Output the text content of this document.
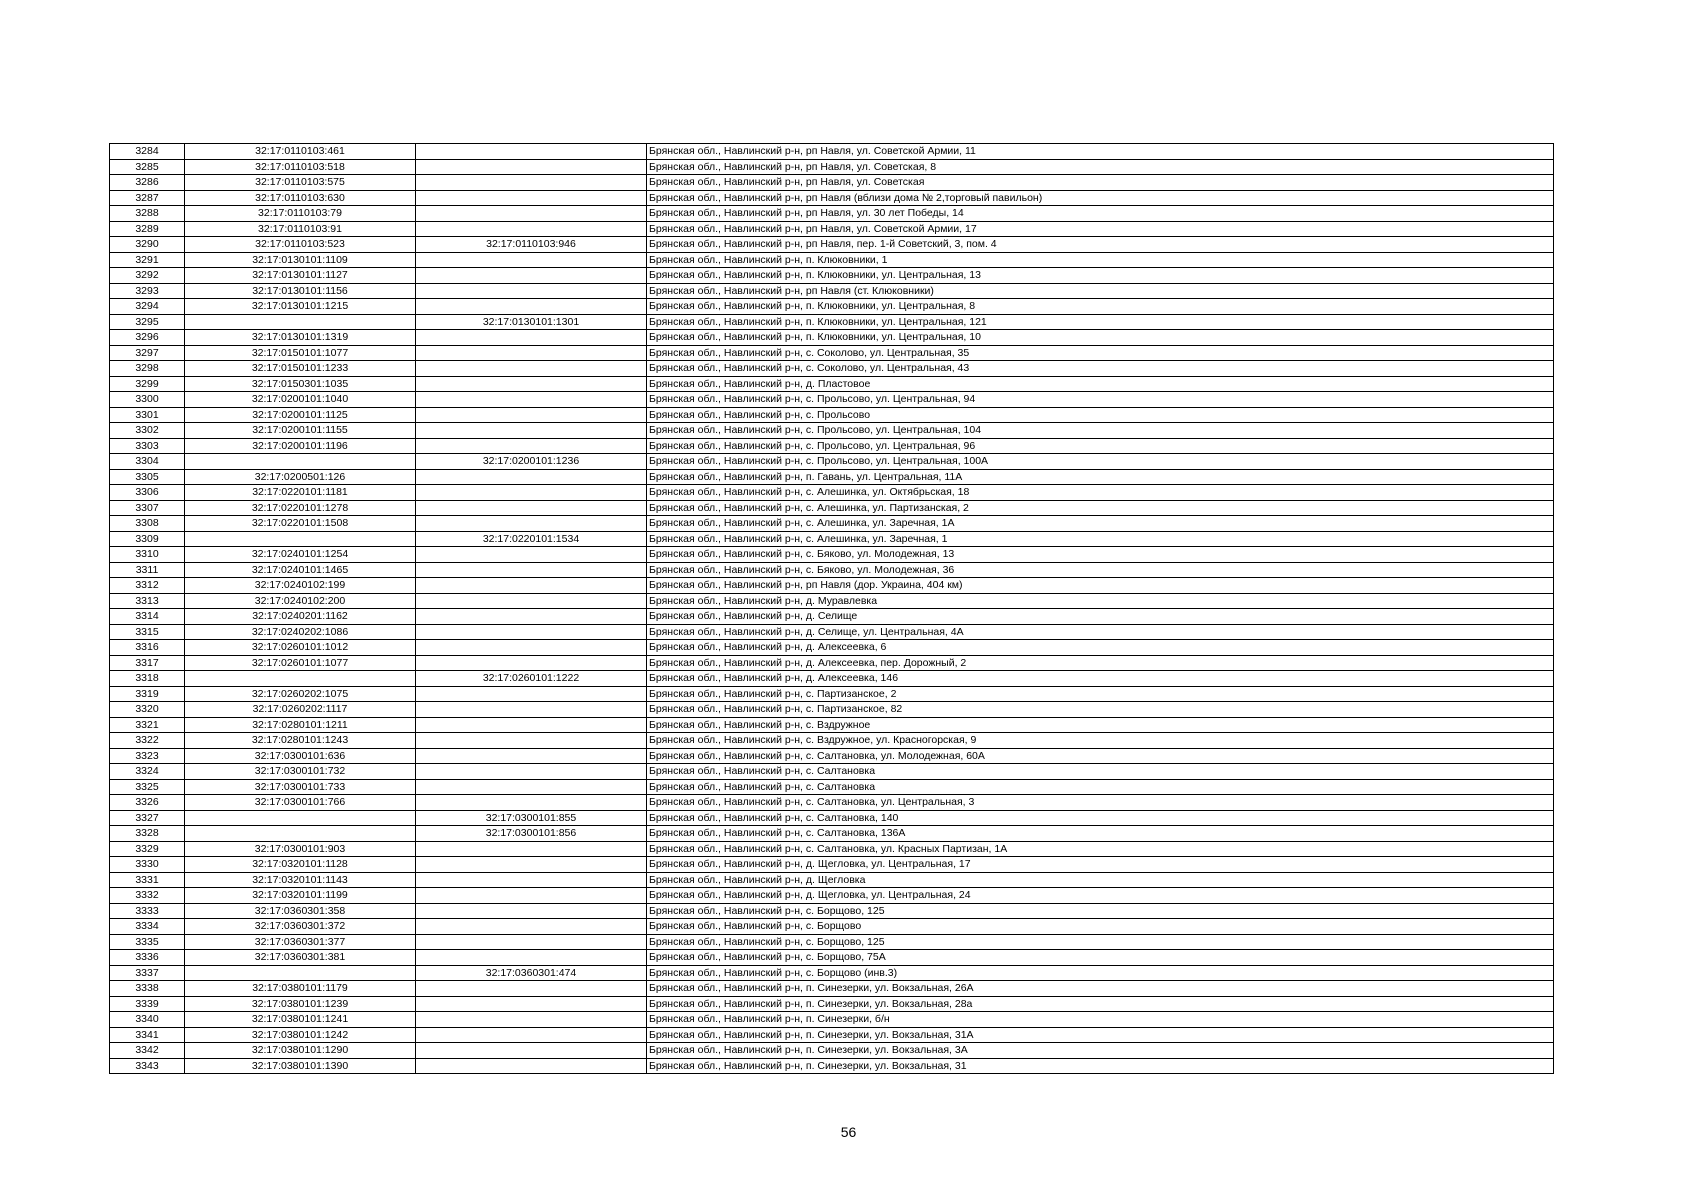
3284	32:17:0110103:461		Брянская обл., Навлинский р-н, рп Навля, ул. Советской Армии, 11
3285	32:17:0110103:518		Брянская обл., Навлинский р-н, рп Навля, ул. Советская, 8
3286	32:17:0110103:575		Брянская обл., Навлинский р-н, рп Навля, ул. Советская
3287	32:17:0110103:630		Брянская обл., Навлинский р-н, рп Навля (вблизи дома № 2,торговый павильон)
3288	32:17:0110103:79		Брянская обл., Навлинский р-н, рп Навля, ул. 30 лет Победы, 14
3289	32:17:0110103:91		Брянская обл., Навлинский р-н, рп Навля, ул. Советской Армии, 17
3290	32:17:0110103:523	32:17:0110103:946	Брянская обл., Навлинский р-н, рп Навля, пер. 1-й Советский, 3, пом. 4
3291	32:17:0130101:1109		Брянская обл., Навлинский р-н, п. Клюковники, 1
3292	32:17:0130101:1127		Брянская обл., Навлинский р-н, п. Клюковники, ул. Центральная, 13
3293	32:17:0130101:1156		Брянская обл., Навлинский р-н, рп Навля (ст. Клюковники)
3294	32:17:0130101:1215		Брянская обл., Навлинский р-н, п. Клюковники, ул. Центральная, 8
3295		32:17:0130101:1301	Брянская обл., Навлинский р-н, п. Клюковники, ул. Центральная, 121
3296	32:17:0130101:1319		Брянская обл., Навлинский р-н, п. Клюковники, ул. Центральная, 10
3297	32:17:0150101:1077		Брянская обл., Навлинский р-н, с. Соколово, ул. Центральная, 35
3298	32:17:0150101:1233		Брянская обл., Навлинский р-н, с. Соколово, ул. Центральная, 43
3299	32:17:0150301:1035		Брянская обл., Навлинский р-н, д. Пластовое
3300	32:17:0200101:1040		Брянская обл., Навлинский р-н, с. Прольсово, ул. Центральная, 94
3301	32:17:0200101:1125		Брянская обл., Навлинский р-н, с. Прольсово
3302	32:17:0200101:1155		Брянская обл., Навлинский р-н, с. Прольсово, ул. Центральная, 104
3303	32:17:0200101:1196		Брянская обл., Навлинский р-н, с. Прольсово, ул. Центральная, 96
3304		32:17:0200101:1236	Брянская обл., Навлинский р-н, с. Прольсово, ул. Центральная, 100А
3305	32:17:0200501:126		Брянская обл., Навлинский р-н, п. Гавань, ул. Центральная, 11А
3306	32:17:0220101:1181		Брянская обл., Навлинский р-н, с. Алешинка, ул. Октябрьская, 18
3307	32:17:0220101:1278		Брянская обл., Навлинский р-н, с. Алешинка, ул. Партизанская, 2
3308	32:17:0220101:1508		Брянская обл., Навлинский р-н, с. Алешинка, ул. Заречная, 1А
3309		32:17:0220101:1534	Брянская обл., Навлинский р-н, с. Алешинка, ул. Заречная, 1
3310	32:17:0240101:1254		Брянская обл., Навлинский р-н, с. Бяково, ул. Молодежная, 13
3311	32:17:0240101:1465		Брянская обл., Навлинский р-н, с. Бяково, ул. Молодежная, 36
3312	32:17:0240102:199		Брянская обл., Навлинский р-н, рп Навля (дор. Украина, 404 км)
3313	32:17:0240102:200		Брянская обл., Навлинский р-н, д. Муравлевка
3314	32:17:0240201:1162		Брянская обл., Навлинский р-н, д. Селище
3315	32:17:0240202:1086		Брянская обл., Навлинский р-н, д. Селище, ул. Центральная, 4А
3316	32:17:0260101:1012		Брянская обл., Навлинский р-н, д. Алексеевка, 6
3317	32:17:0260101:1077		Брянская обл., Навлинский р-н, д. Алексеевка, пер. Дорожный, 2
3318		32:17:0260101:1222	Брянская обл., Навлинский р-н, д. Алексеевка, 146
3319	32:17:0260202:1075		Брянская обл., Навлинский р-н, с. Партизанское, 2
3320	32:17:0260202:1117		Брянская обл., Навлинский р-н, с. Партизанское, 82
3321	32:17:0280101:1211		Брянская обл., Навлинский р-н, с. Вздружное
3322	32:17:0280101:1243		Брянская обл., Навлинский р-н, с. Вздружное, ул. Красногорская, 9
3323	32:17:0300101:636		Брянская обл., Навлинский р-н, с. Салтановка, ул. Молодежная, 60А
3324	32:17:0300101:732		Брянская обл., Навлинский р-н, с. Салтановка
3325	32:17:0300101:733		Брянская обл., Навлинский р-н, с. Салтановка
3326	32:17:0300101:766		Брянская обл., Навлинский р-н, с. Салтановка, ул. Центральная, 3
3327		32:17:0300101:855	Брянская обл., Навлинский р-н, с. Салтановка, 140
3328		32:17:0300101:856	Брянская обл., Навлинский р-н, с. Салтановка, 136А
3329	32:17:0300101:903		Брянская обл., Навлинский р-н, с. Салтановка, ул. Красных Партизан, 1А
3330	32:17:0320101:1128		Брянская обл., Навлинский р-н, д. Щегловка, ул. Центральная, 17
3331	32:17:0320101:1143		Брянская обл., Навлинский р-н, д. Щегловка
3332	32:17:0320101:1199		Брянская обл., Навлинский р-н, д. Щегловка, ул. Центральная, 24
3333	32:17:0360301:358		Брянская обл., Навлинский р-н, с. Борщово, 125
3334	32:17:0360301:372		Брянская обл., Навлинский р-н, с. Борщово
3335	32:17:0360301:377		Брянская обл., Навлинский р-н, с. Борщово, 125
3336	32:17:0360301:381		Брянская обл., Навлинский р-н, с. Борщово, 75А
3337		32:17:0360301:474	Брянская обл., Навлинский р-н, с. Борщово (инв.3)
3338	32:17:0380101:1179		Брянская обл., Навлинский р-н, п. Синезерки, ул. Вокзальная, 26А
3339	32:17:0380101:1239		Брянская обл., Навлинский р-н, п. Синезерки, ул. Вокзальная, 28а
3340	32:17:0380101:1241		Брянская обл., Навлинский р-н, п. Синезерки, б/н
3341	32:17:0380101:1242		Брянская обл., Навлинский р-н, п. Синезерки, ул. Вокзальная, 31А
3342	32:17:0380101:1290		Брянская обл., Навлинский р-н, п. Синезерки, ул. Вокзальная, 3А
3343	32:17:0380101:1390		Брянская обл., Навлинский р-н, п. Синезерки, ул. Вокзальная, 31
56
